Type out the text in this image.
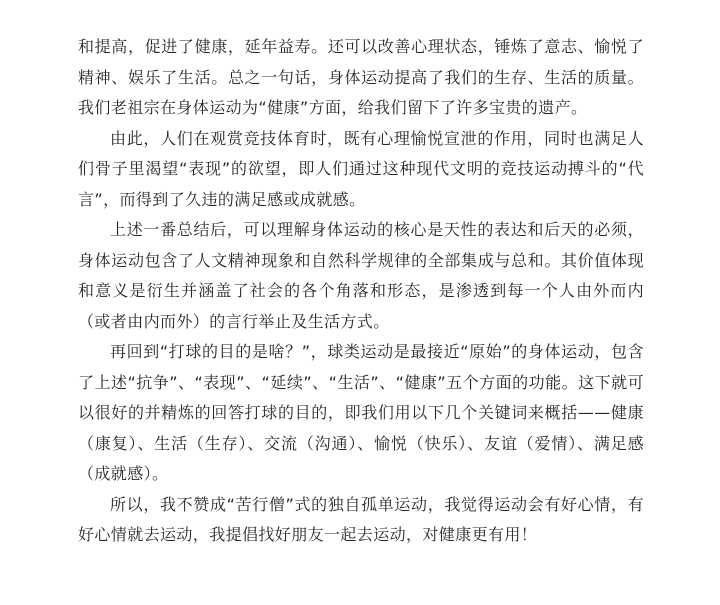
和提高，促进了健康，延年益寿。还可以改善心理状态，锤炼了意志、愉悦了精神、娱乐了生活。总之一句话，身体运动提高了我们的生存、生活的质量。我们老祖宗在身体运动为“健康”方面，给我们留下了许多宝贵的遗产。

由此，人们在观赏竞技体育时，既有心理愉悦宣泄的作用，同时也满足人们骨子里渴望“表现”的欲望，即人们通过这种现代文明的竞技运动搏斗的“代言”，而得到了久违的满足感或成就感。

上述一番总结后，可以理解身体运动的核心是天性的表达和后天的必须，身体运动包含了人文精神现象和自然科学规律的全部集成与总和。其价值体现和意义是衍生并涵盖了社会的各个角落和形态，是渗透到每一个人由外而内（或者由内而外）的言行举止及生活方式。

再回到“打球的目的是啥？”，球类运动是最接近“原始”的身体运动，包含了上述“抗争”、“表现”、“延续”、“生活”、“健康”五个方面的功能。这下就可以很好的并精炼的回答打球的目的，即我们用以下几个关键词来概括——健康（康复）、生活（生存）、交流（沟通）、愉悦（快乐）、友谊（爱情）、满足感（成就感）。

所以，我不赞成“苦行僧”式的独自孤单运动，我觉得运动会有好心情，有好心情就去运动，我提倡找好朋友一起去运动，对健康更有用！
